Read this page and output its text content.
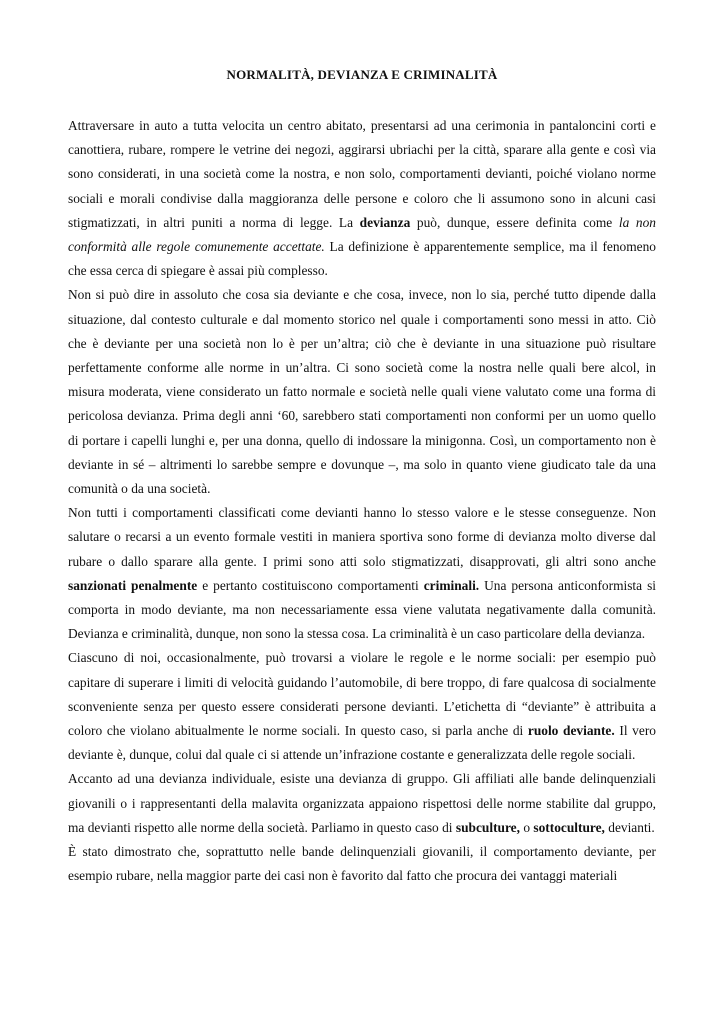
NORMALITÀ, DEVIANZA E CRIMINALITÀ

Attraversare in auto a tutta velocita un centro abitato, presentarsi ad una cerimonia in pantaloncini corti e canottiera, rubare, rompere le vetrine dei negozi, aggirarsi ubriachi per la città, sparare alla gente e così via sono considerati, in una società come la nostra, e non solo, comportamenti devianti, poiché violano norme sociali e morali condivise dalla maggioranza delle persone e coloro che li assumono sono in alcuni casi stigmatizzati, in altri puniti a norma di legge. La devianza può, dunque, essere definita come la non conformità alle regole comunemente accettate. La definizione è apparentemente semplice, ma il fenomeno che essa cerca di spiegare è assai più complesso.

Non si può dire in assoluto che cosa sia deviante e che cosa, invece, non lo sia, perché tutto dipende dalla situazione, dal contesto culturale e dal momento storico nel quale i comportamenti sono messi in atto. Ciò che è deviante per una società non lo è per un’altra; ciò che è deviante in una situazione può risultare perfettamente conforme alle norme in un’altra. Ci sono società come la nostra nelle quali bere alcol, in misura moderata, viene considerato un fatto normale e società nelle quali viene valutato come una forma di pericolosa devianza. Prima degli anni ‘60, sarebbero stati comportamenti non conformi per un uomo quello di portare i capelli lunghi e, per una donna, quello di indossare la minigonna. Così, un comportamento non è deviante in sé – altrimenti lo sarebbe sempre e dovunque –, ma solo in quanto viene giudicato tale da una comunità o da una società.

Non tutti i comportamenti classificati come devianti hanno lo stesso valore e le stesse conseguenze. Non salutare o recarsi a un evento formale vestiti in maniera sportiva sono forme di devianza molto diverse dal rubare o dallo sparare alla gente. I primi sono atti solo stigmatizzati, disapprovati, gli altri sono anche sanzionati penalmente e pertanto costituiscono comportamenti criminali. Una persona anticonformista si comporta in modo deviante, ma non necessariamente essa viene valutata negativamente dalla comunità. Devianza e criminalità, dunque, non sono la stessa cosa. La criminalità è un caso particolare della devianza.

Ciascuno di noi, occasionalmente, può trovarsi a violare le regole e le norme sociali: per esempio può capitare di superare i limiti di velocità guidando l’automobile, di bere troppo, di fare qualcosa di socialmente sconveniente senza per questo essere considerati persone devianti. L’etichetta di “deviante” è attribuita a coloro che violano abitualmente le norme sociali. In questo caso, si parla anche di ruolo deviante. Il vero deviante è, dunque, colui dal quale ci si attende un’infrazione costante e generalizzata delle regole sociali.

Accanto ad una devianza individuale, esiste una devianza di gruppo. Gli affiliati alle bande delinquenziali giovanili o i rappresentanti della malavita organizzata appaiono rispettosi delle norme stabilite dal gruppo, ma devianti rispetto alle norme della società. Parliamo in questo caso di subculture, o sottoculture, devianti.

È stato dimostrato che, soprattutto nelle bande delinquenziali giovanili, il comportamento deviante, per esempio rubare, nella maggior parte dei casi non è favorito dal fatto che procura dei vantaggi materiali
